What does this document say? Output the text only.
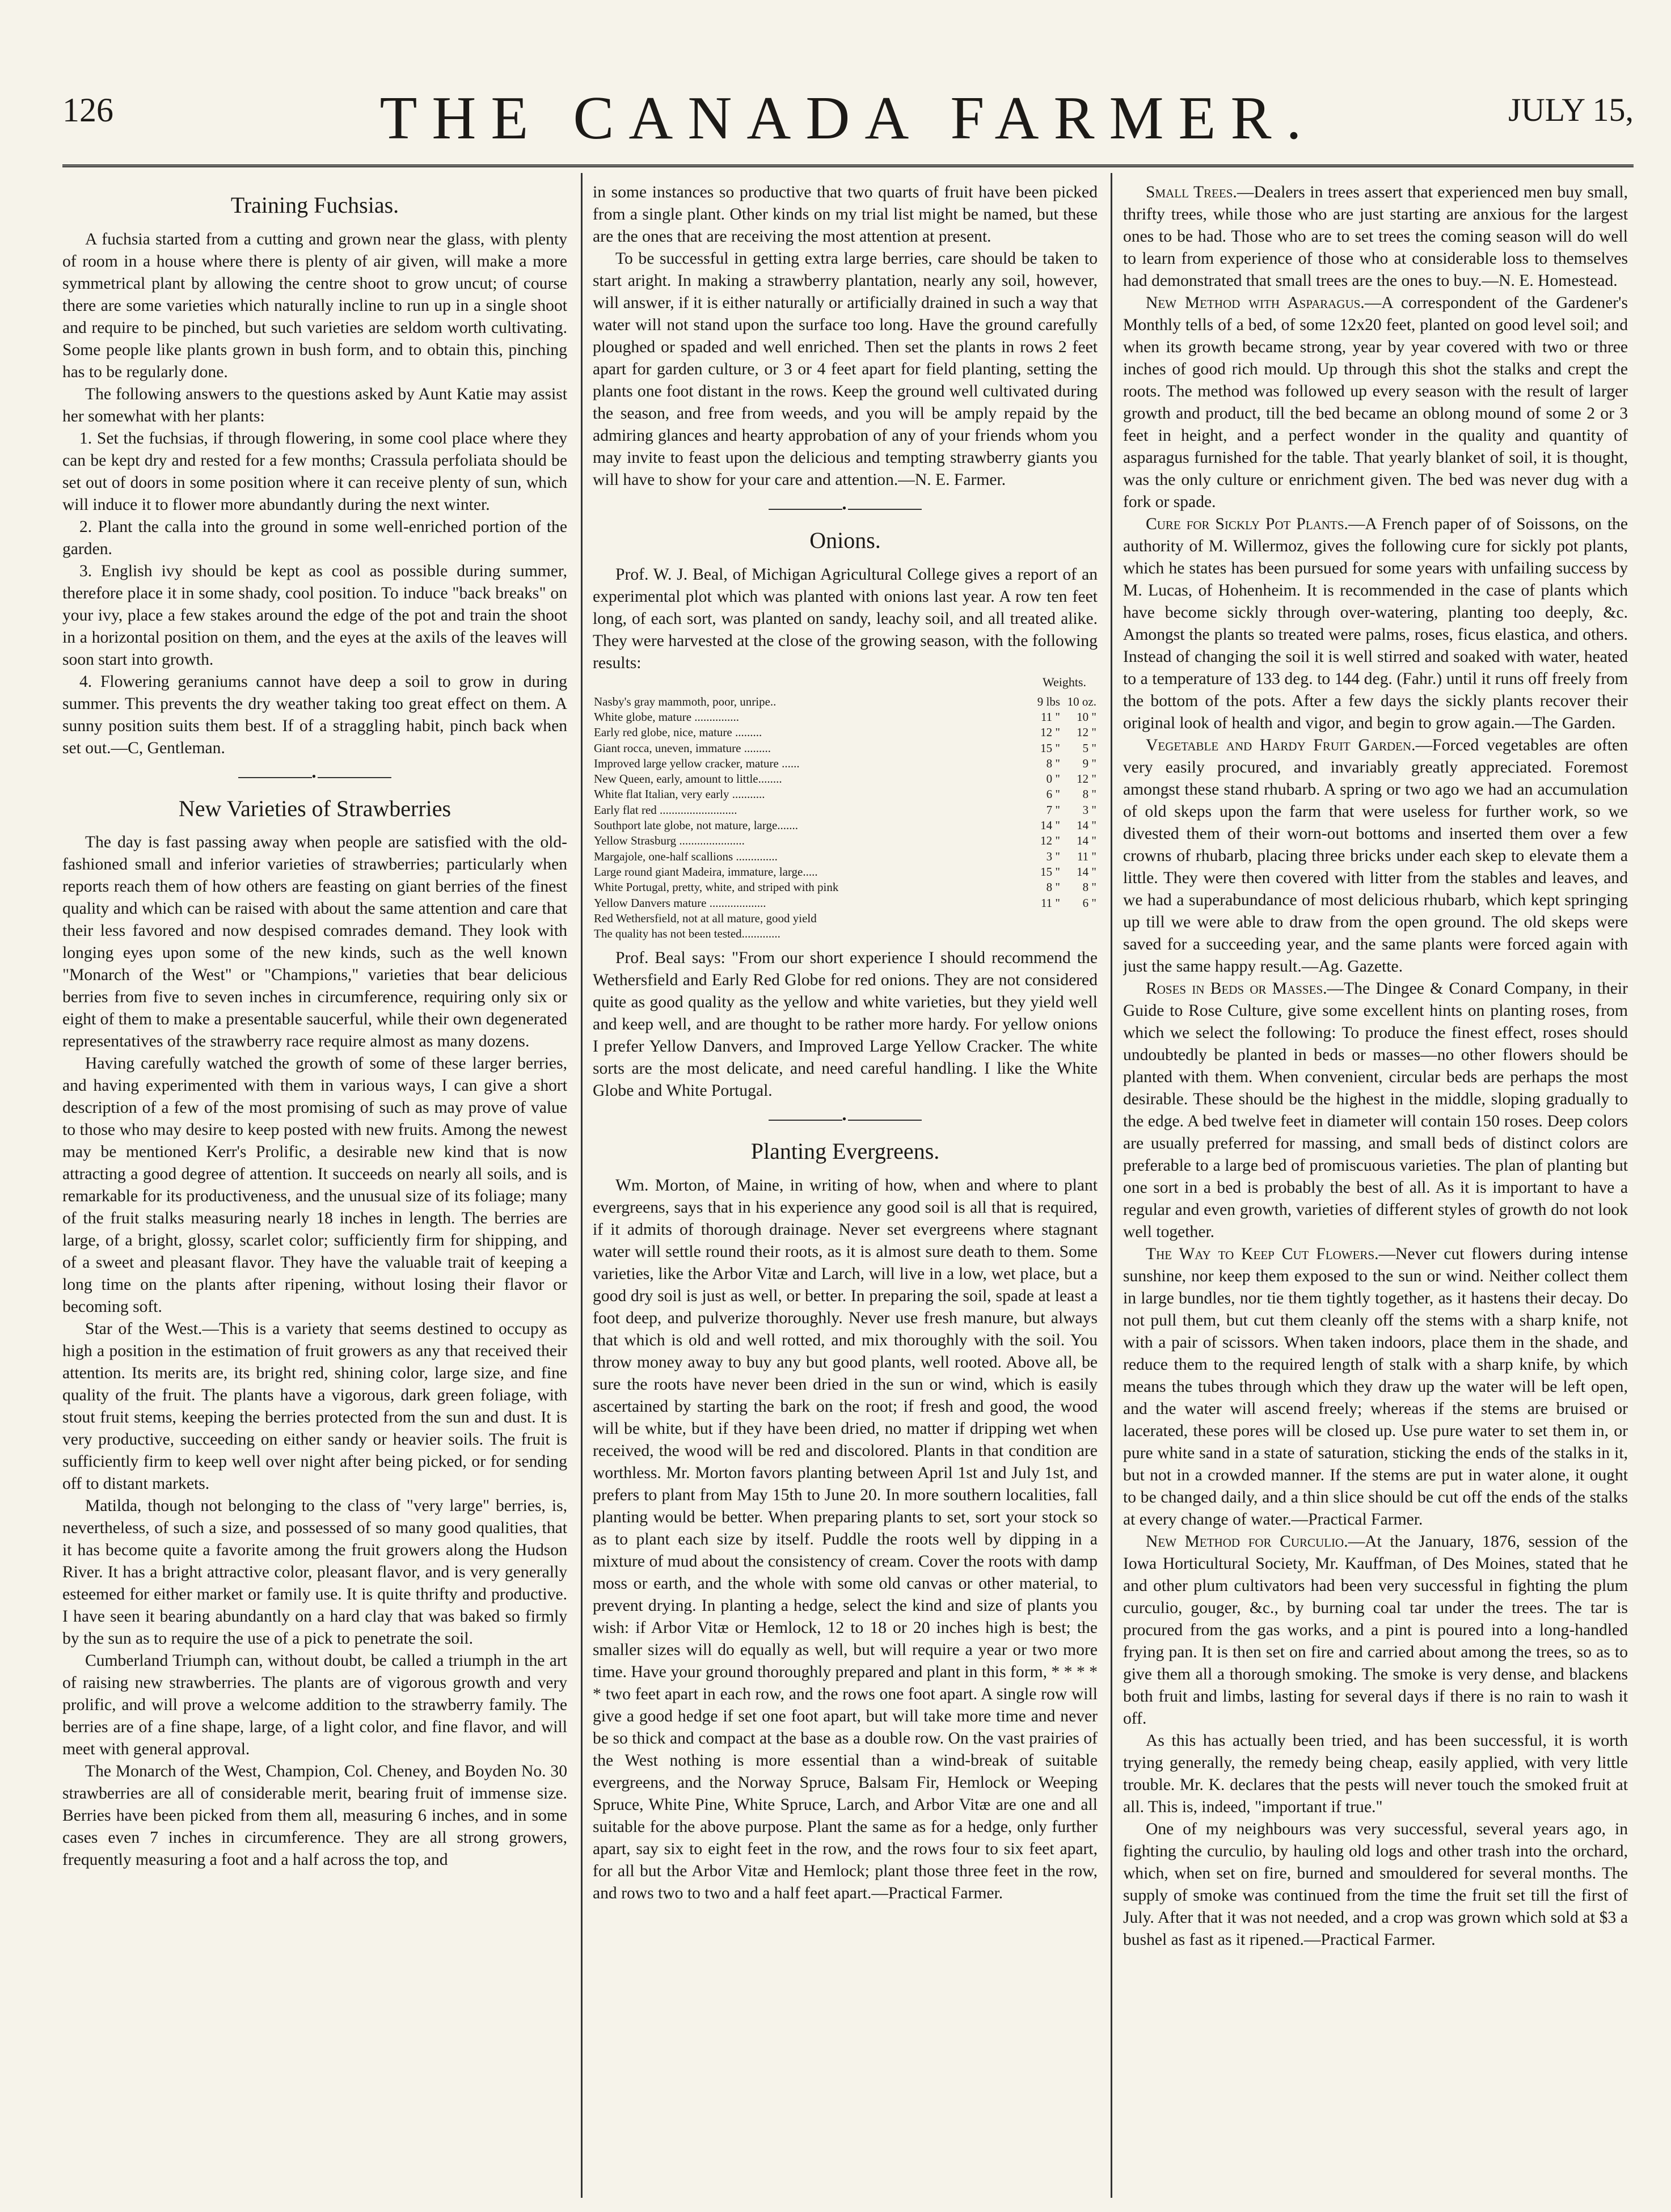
126	THE CANADA FARMER.	JULY 15,
Training Fuchsias.

A fuchsia started from a cutting and grown near the glass, with plenty of room in a house where there is plenty of air given, will make a more symmetrical plant by allowing the centre shoot to grow uncut; of course there are some varieties which naturally incline to run up in a single shoot and require to be pinched, but such varieties are seldom worth cultivating. Some people like plants grown in bush form, and to obtain this, pinching has to be regularly done.

The following answers to the questions asked by Aunt Katie may assist her somewhat with her plants:

1. Set the fuchsias, if through flowering, in some cool place where they can be kept dry and rested for a few months; Crassula perfoliata should be set out of doors in some position where it can receive plenty of sun, which will induce it to flower more abundantly during the next winter.

2. Plant the calla into the ground in some well-enriched portion of the garden.

3. English ivy should be kept as cool as possible during summer, therefore place it in some shady, cool position. To induce "back breaks" on your ivy, place a few stakes around the edge of the pot and train the shoot in a horizontal position on them, and the eyes at the axils of the leaves will soon start into growth.

4. Flowering geraniums cannot have deep a soil to grow in during summer. This prevents the dry weather taking too great effect on them. A sunny position suits them best. If of a straggling habit, pinch back when set out.—C, Gentleman.

•
New Varieties of Strawberries

The day is fast passing away when people are satisfied with the old-fashioned small and inferior varieties of strawberries; particularly when reports reach them of how others are feasting on giant berries of the finest quality and which can be raised with about the same attention and care that their less favored and now despised comrades demand. They look with longing eyes upon some of the new kinds, such as the well known "Monarch of the West" or "Champions," varieties that bear delicious berries from five to seven inches in circumference, requiring only six or eight of them to make a presentable saucerful, while their own degenerated representatives of the strawberry race require almost as many dozens.

Having carefully watched the growth of some of these larger berries, and having experimented with them in various ways, I can give a short description of a few of the most promising of such as may prove of value to those who may desire to keep posted with new fruits. Among the newest may be mentioned Kerr's Prolific, a desirable new kind that is now attracting a good degree of attention. It succeeds on nearly all soils, and is remarkable for its productiveness, and the unusual size of its foliage; many of the fruit stalks measuring nearly 18 inches in length. The berries are large, of a bright, glossy, scarlet color; sufficiently firm for shipping, and of a sweet and pleasant flavor. They have the valuable trait of keeping a long time on the plants after ripening, without losing their flavor or becoming soft.

Star of the West.—This is a variety that seems destined to occupy as high a position in the estimation of fruit growers as any that received their attention. Its merits are, its bright red, shining color, large size, and fine quality of the fruit. The plants have a vigorous, dark green foliage, with stout fruit stems, keeping the berries protected from the sun and dust. It is very productive, succeeding on either sandy or heavier soils. The fruit is sufficiently firm to keep well over night after being picked, or for sending off to distant markets.

Matilda, though not belonging to the class of "very large" berries, is, nevertheless, of such a size, and possessed of so many good qualities, that it has become quite a favorite among the fruit growers along the Hudson River. It has a bright attractive color, pleasant flavor, and is very generally esteemed for either market or family use. It is quite thrifty and productive. I have seen it bearing abundantly on a hard clay that was baked so firmly by the sun as to require the use of a pick to penetrate the soil.

Cumberland Triumph can, without doubt, be called a triumph in the art of raising new strawberries. The plants are of vigorous growth and very prolific, and will prove a welcome addition to the strawberry family. The berries are of a fine shape, large, of a light color, and fine flavor, and will meet with general approval.

The Monarch of the West, Champion, Col. Cheney, and Boyden No. 30 strawberries are all of considerable merit, bearing fruit of immense size. Berries have been picked from them all, measuring 6 inches, and in some cases even 7 inches in circumference. They are all strong growers, frequently measuring a foot and a half across the top, and

in some instances so productive that two quarts of fruit have been picked from a single plant. Other kinds on my trial list might be named, but these are the ones that are receiving the most attention at present.

To be successful in getting extra large berries, care should be taken to start aright. In making a strawberry plantation, nearly any soil, however, will answer, if it is either naturally or artificially drained in such a way that water will not stand upon the surface too long. Have the ground carefully ploughed or spaded and well enriched. Then set the plants in rows 2 feet apart for garden culture, or 3 or 4 feet apart for field planting, setting the plants one foot distant in the rows. Keep the ground well cultivated during the season, and free from weeds, and you will be amply repaid by the admiring glances and hearty approbation of any of your friends whom you may invite to feast upon the delicious and tempting strawberry giants you will have to show for your care and attention.—N. E. Farmer.

•
Onions.

Prof. W. J. Beal, of Michigan Agricultural College gives a report of an experimental plot which was planted with onions last year. A row ten feet long, of each sort, was planted on sandy, leachy soil, and all treated alike. They were harvested at the close of the growing season, with the following results:

Weights.
Nasby's gray mammoth, poor, unripe..	9 lbs	10 oz.
White globe, mature ...............	11 "	10 "
Early red globe, nice, mature .........	12 "	12 "
Giant rocca, uneven, immature .........	15 "	5 "
Improved large yellow cracker, mature ......	8 "	9 "
New Queen, early, amount to little........	0 "	12 "
White flat Italian, very early ...........	6 "	8 "
Early flat red ..........................	7 "	3 "
Southport late globe, not mature, large.......	14 "	14 "
Yellow Strasburg ......................	12 "	14 "
Margajole, one-half scallions ..............	3 "	11 "
Large round giant Madeira, immature, large.....	15 "	14 "
White Portugal, pretty, white, and striped with pink	8 "	8 "
Yellow Danvers mature ...................	11 "	6 "
Red Wethersfield, not at all mature, good yield		
The quality has not been tested.............		

Prof. Beal says: "From our short experience I should recommend the Wethersfield and Early Red Globe for red onions. They are not considered quite as good quality as the yellow and white varieties, but they yield well and keep well, and are thought to be rather more hardy. For yellow onions I prefer Yellow Danvers, and Improved Large Yellow Cracker. The white sorts are the most delicate, and need careful handling. I like the White Globe and White Portugal.

•
Planting Evergreens.

Wm. Morton, of Maine, in writing of how, when and where to plant evergreens, says that in his experience any good soil is all that is required, if it admits of thorough drainage. Never set evergreens where stagnant water will settle round their roots, as it is almost sure death to them. Some varieties, like the Arbor Vitæ and Larch, will live in a low, wet place, but a good dry soil is just as well, or better. In preparing the soil, spade at least a foot deep, and pulverize thoroughly. Never use fresh manure, but always that which is old and well rotted, and mix thoroughly with the soil. You throw money away to buy any but good plants, well rooted. Above all, be sure the roots have never been dried in the sun or wind, which is easily ascertained by starting the bark on the root; if fresh and good, the wood will be white, but if they have been dried, no matter if dripping wet when received, the wood will be red and discolored. Plants in that condition are worthless. Mr. Morton favors planting between April 1st and July 1st, and prefers to plant from May 15th to June 20. In more southern localities, fall planting would be better. When preparing plants to set, sort your stock so as to plant each size by itself. Puddle the roots well by dipping in a mixture of mud about the consistency of cream. Cover the roots with damp moss or earth, and the whole with some old canvas or other material, to prevent drying. In planting a hedge, select the kind and size of plants you wish: if Arbor Vitæ or Hemlock, 12 to 18 or 20 inches high is best; the smaller sizes will do equally as well, but will require a year or two more time. Have your ground thoroughly prepared and plant in this form, * * * * * two feet apart in each row, and the rows one foot apart. A single row will give a good hedge if set one foot apart, but will take more time and never be so thick and compact at the base as a double row. On the vast prairies of the West nothing is more essential than a wind-break of suitable evergreens, and the Norway Spruce, Balsam Fir, Hemlock or Weeping Spruce, White Pine, White Spruce, Larch, and Arbor Vitæ are one and all suitable for the above purpose. Plant the same as for a hedge, only further apart, say six to eight feet in the row, and the rows four to six feet apart, for all but the Arbor Vitæ and Hemlock; plant those three feet in the row, and rows two to two and a half feet apart.—Practical Farmer.

Small Trees.—Dealers in trees assert that experienced men buy small, thrifty trees, while those who are just starting are anxious for the largest ones to be had. Those who are to set trees the coming season will do well to learn from experience of those who at considerable loss to themselves had demonstrated that small trees are the ones to buy.—N. E. Homestead.

New Method with Asparagus.—A correspondent of the Gardener's Monthly tells of a bed, of some 12x20 feet, planted on good level soil; and when its growth became strong, year by year covered with two or three inches of good rich mould. Up through this shot the stalks and crept the roots. The method was followed up every season with the result of larger growth and product, till the bed became an oblong mound of some 2 or 3 feet in height, and a perfect wonder in the quality and quantity of asparagus furnished for the table. That yearly blanket of soil, it is thought, was the only culture or enrichment given. The bed was never dug with a fork or spade.

Cure for Sickly Pot Plants.—A French paper of of Soissons, on the authority of M. Willermoz, gives the following cure for sickly pot plants, which he states has been pursued for some years with unfailing success by M. Lucas, of Hohenheim. It is recommended in the case of plants which have become sickly through over-watering, planting too deeply, &c. Amongst the plants so treated were palms, roses, ficus elastica, and others. Instead of changing the soil it is well stirred and soaked with water, heated to a temperature of 133 deg. to 144 deg. (Fahr.) until it runs off freely from the bottom of the pots. After a few days the sickly plants recover their original look of health and vigor, and begin to grow again.—The Garden.

Vegetable and Hardy Fruit Garden.—Forced vegetables are often very easily procured, and invariably greatly appreciated. Foremost amongst these stand rhubarb. A spring or two ago we had an accumulation of old skeps upon the farm that were useless for further work, so we divested them of their worn-out bottoms and inserted them over a few crowns of rhubarb, placing three bricks under each skep to elevate them a little. They were then covered with litter from the stables and leaves, and we had a superabundance of most delicious rhubarb, which kept springing up till we were able to draw from the open ground. The old skeps were saved for a succeeding year, and the same plants were forced again with just the same happy result.—Ag. Gazette.

Roses in Beds or Masses.—The Dingee & Conard Company, in their Guide to Rose Culture, give some excellent hints on planting roses, from which we select the following: To produce the finest effect, roses should undoubtedly be planted in beds or masses—no other flowers should be planted with them. When convenient, circular beds are perhaps the most desirable. These should be the highest in the middle, sloping gradually to the edge. A bed twelve feet in diameter will contain 150 roses. Deep colors are usually preferred for massing, and small beds of distinct colors are preferable to a large bed of promiscuous varieties. The plan of planting but one sort in a bed is probably the best of all. As it is important to have a regular and even growth, varieties of different styles of growth do not look well together.

The Way to Keep Cut Flowers.—Never cut flowers during intense sunshine, nor keep them exposed to the sun or wind. Neither collect them in large bundles, nor tie them tightly together, as it hastens their decay. Do not pull them, but cut them cleanly off the stems with a sharp knife, not with a pair of scissors. When taken indoors, place them in the shade, and reduce them to the required length of stalk with a sharp knife, by which means the tubes through which they draw up the water will be left open, and the water will ascend freely; whereas if the stems are bruised or lacerated, these pores will be closed up. Use pure water to set them in, or pure white sand in a state of saturation, sticking the ends of the stalks in it, but not in a crowded manner. If the stems are put in water alone, it ought to be changed daily, and a thin slice should be cut off the ends of the stalks at every change of water.—Practical Farmer.

New Method for Curculio.—At the January, 1876, session of the Iowa Horticultural Society, Mr. Kauffman, of Des Moines, stated that he and other plum cultivators had been very successful in fighting the plum curculio, gouger, &c., by burning coal tar under the trees. The tar is procured from the gas works, and a pint is poured into a long-handled frying pan. It is then set on fire and carried about among the trees, so as to give them all a thorough smoking. The smoke is very dense, and blackens both fruit and limbs, lasting for several days if there is no rain to wash it off.

As this has actually been tried, and has been successful, it is worth trying generally, the remedy being cheap, easily applied, with very little trouble. Mr. K. declares that the pests will never touch the smoked fruit at all. This is, indeed, "important if true."

One of my neighbours was very successful, several years ago, in fighting the curculio, by hauling old logs and other trash into the orchard, which, when set on fire, burned and smouldered for several months. The supply of smoke was continued from the time the fruit set till the first of July. After that it was not needed, and a crop was grown which sold at $3 a bushel as fast as it ripened.—Practical Farmer.
